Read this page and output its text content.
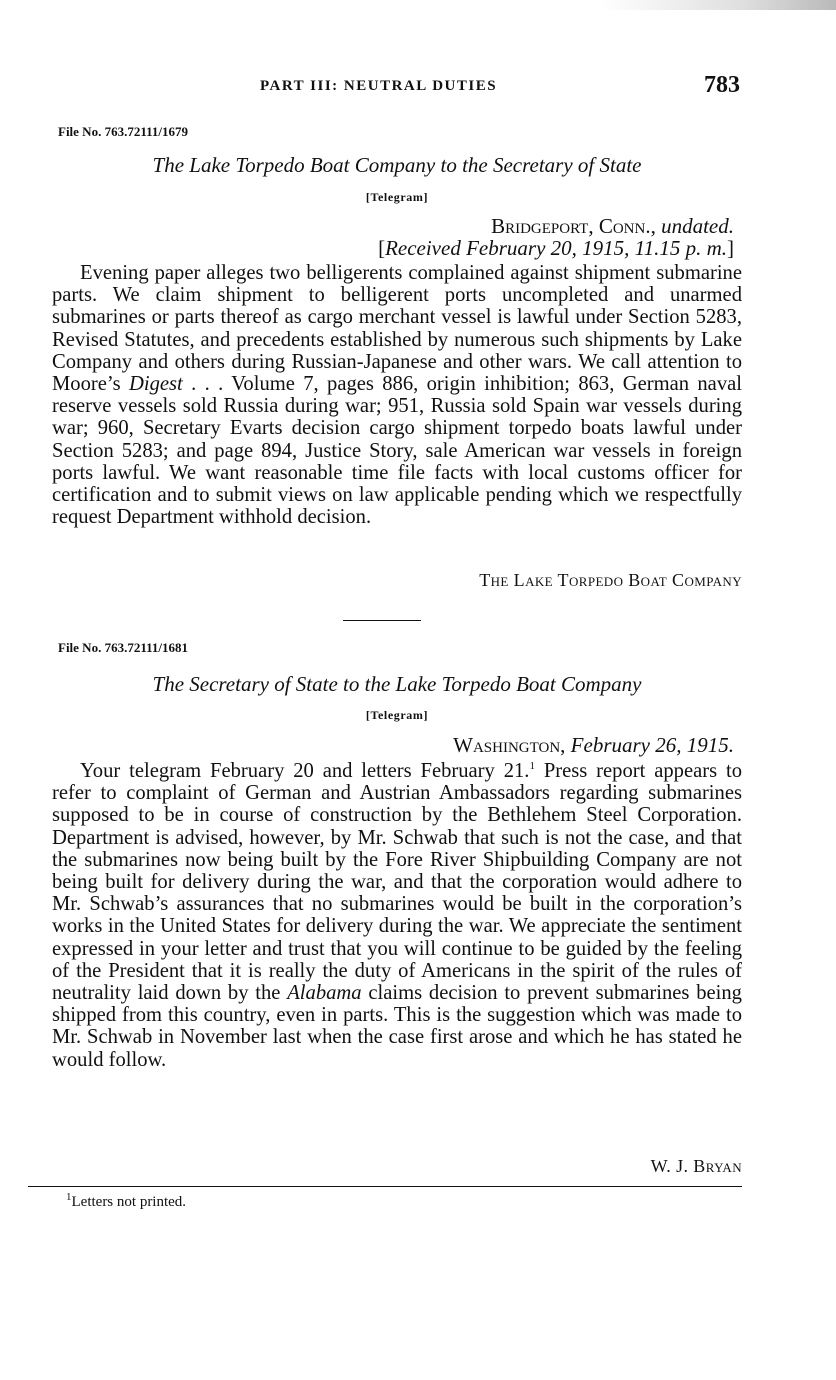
PART III: NEUTRAL DUTIES	783
File No. 763.72111/1679
The Lake Torpedo Boat Company to the Secretary of State
[Telegram]
Bridgeport, Conn., undated.
[Received February 20, 1915, 11.15 p. m.]

Evening paper alleges two belligerents complained against shipment submarine parts. We claim shipment to belligerent ports uncompleted and unarmed submarines or parts thereof as cargo merchant vessel is lawful under Section 5283, Revised Statutes, and precedents established by numerous such shipments by Lake Company and others during Russian-Japanese and other wars. We call attention to Moore’s Digest . . . Volume 7, pages 886, origin inhibition; 863, German naval reserve vessels sold Russia during war; 951, Russia sold Spain war vessels during war; 960, Secretary Evarts decision cargo shipment torpedo boats lawful under Section 5283; and page 894, Justice Story, sale American war vessels in foreign ports lawful. We want reasonable time file facts with local customs officer for certification and to submit views on law applicable pending which we respectfully request Department withhold decision.

The Lake Torpedo Boat Company
File No. 763.72111/1681
The Secretary of State to the Lake Torpedo Boat Company
[Telegram]
Washington, February 26, 1915.

Your telegram February 20 and letters February 21.$^1$ Press report appears to refer to complaint of German and Austrian Ambassadors regarding submarines supposed to be in course of construction by the Bethlehem Steel Corporation. Department is advised, however, by Mr. Schwab that such is not the case, and that the submarines now being built by the Fore River Shipbuilding Company are not being built for delivery during the war, and that the corporation would adhere to Mr. Schwab’s assurances that no submarines would be built in the corporation’s works in the United States for delivery during the war. We appreciate the sentiment expressed in your letter and trust that you will continue to be guided by the feeling of the President that it is really the duty of Americans in the spirit of the rules of neutrality laid down by the Alabama claims decision to prevent submarines being shipped from this country, even in parts. This is the suggestion which was made to Mr. Schwab in November last when the case first arose and which he has stated he would follow.

W. J. Bryan
$^1$Letters not printed.
